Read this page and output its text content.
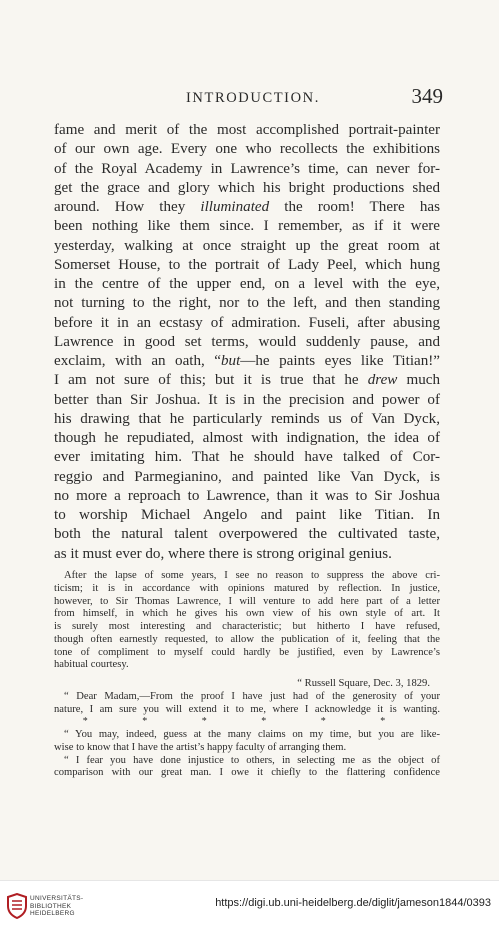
INTRODUCTION.	349
fame and merit of the most accomplished portrait-painter
of our own age. Every one who recollects the exhibitions
of the Royal Academy in Lawrence’s time, can never for-
get the grace and glory which his bright productions shed
around. How they illuminated the room! There has
been nothing like them since. I remember, as if it were
yesterday, walking at once straight up the great room at
Somerset House, to the portrait of Lady Peel, which hung
in the centre of the upper end, on a level with the eye,
not turning to the right, nor to the left, and then standing
before it in an ecstasy of admiration. Fuseli, after abusing
Lawrence in good set terms, would suddenly pause, and
exclaim, with an oath, “but—he paints eyes like Titian!”
I am not sure of this; but it is true that he drew much
better than Sir Joshua. It is in the precision and power of
his drawing that he particularly reminds us of Van Dyck,
though he repudiated, almost with indignation, the idea of
ever imitating him. That he should have talked of Cor-
reggio and Parmegianino, and painted like Van Dyck, is
no more a reproach to Lawrence, than it was to Sir Joshua
to worship Michael Angelo and paint like Titian. In
both the natural talent overpowered the cultivated taste,
as it must ever do, where there is strong original genius.
After the lapse of some years, I see no reason to suppress the above cri-
ticism; it is in accordance with opinions matured by reflection. In justice,
however, to Sir Thomas Lawrence, I will venture to add here part of a letter
from himself, in which he gives his own view of his own style of art. It
is surely most interesting and characteristic; but hitherto I have refused,
though often earnestly requested, to allow the publication of it, feeling that the
tone of compliment to myself could hardly be justified, even by Lawrence’s
habitual courtesy.
“ Russell Square, Dec. 3, 1829.
“ Dear Madam,—From the proof I have just had of the generosity of your
nature, I am sure you will extend it to me, where I acknowledge it is wanting.
* * * * * *
“ You may, indeed, guess at the many claims on my time, but you are like-
wise to know that I have the artist’s happy faculty of arranging them.
“ I fear you have done injustice to others, in selecting me as the object of
comparison with our great man. I owe it chiefly to the flattering confidence
UNIVERSITÄTS-
BIBLIOTHEK
HEIDELBERG
https://digi.ub.uni-heidelberg.de/diglit/jameson1844/0393
